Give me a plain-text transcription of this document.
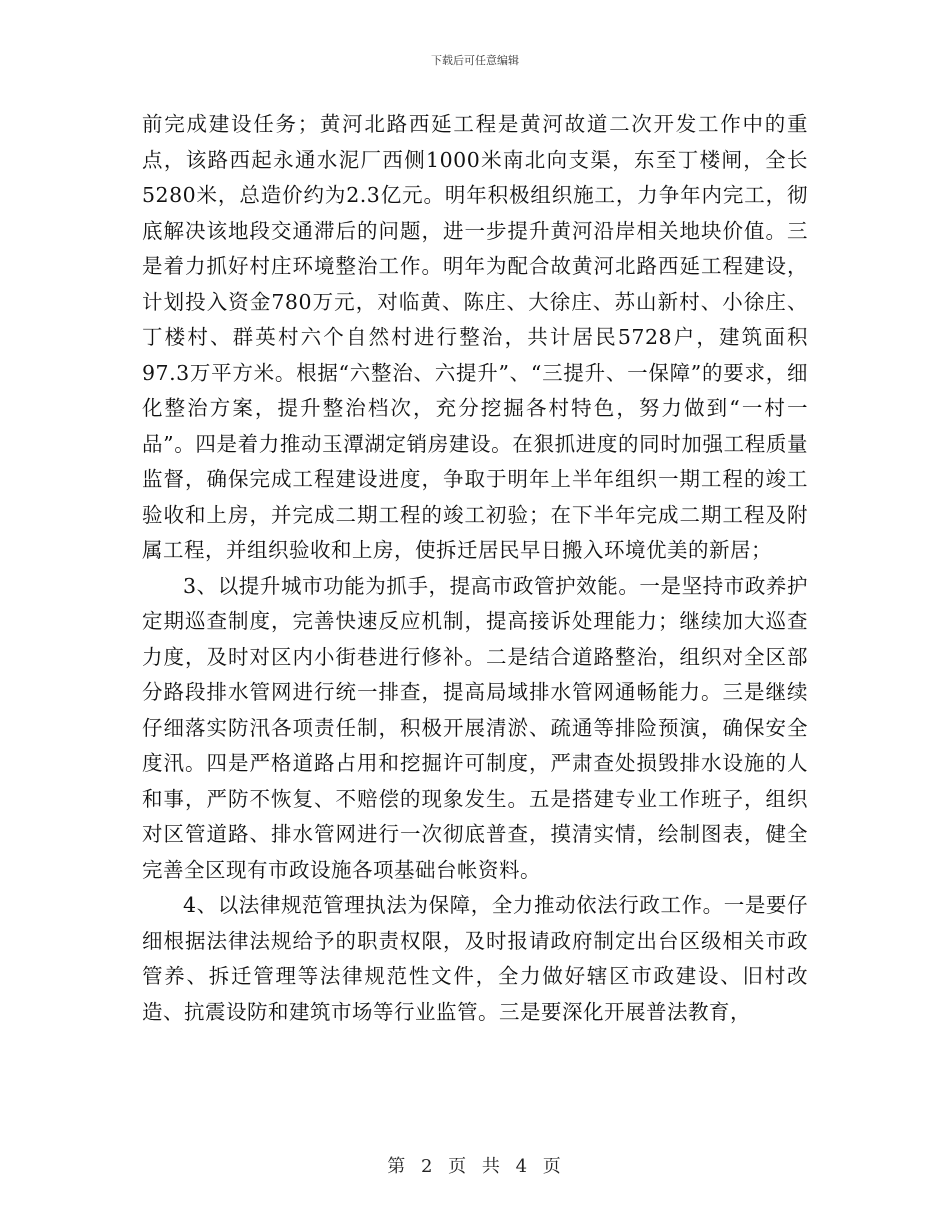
下载后可任意编辑

前完成建设任务；黄河北路西延工程是黄河故道二次开发工作中的重点，该路西起永通水泥厂西侧1000米南北向支渠，东至丁楼闸，全长5280米，总造价约为2.3亿元。明年积极组织施工，力争年内完工，彻底解决该地段交通滞后的问题，进一步提升黄河沿岸相关地块价值。三是着力抓好村庄环境整治工作。明年为配合故黄河北路西延工程建设，计划投入资金780万元，对临黄、陈庄、大徐庄、苏山新村、小徐庄、丁楼村、群英村六个自然村进行整治，共计居民5728户，建筑面积97.3万平方米。根据“六整治、六提升”、“三提升、一保障”的要求，细化整治方案，提升整治档次，充分挖掘各村特色，努力做到“一村一品”。四是着力推动玉潭湖定销房建设。在狠抓进度的同时加强工程质量监督，确保完成工程建设进度，争取于明年上半年组织一期工程的竣工验收和上房，并完成二期工程的竣工初验；在下半年完成二期工程及附属工程，并组织验收和上房，使拆迁居民早日搬入环境优美的新居；

3、以提升城市功能为抓手，提高市政管护效能。一是坚持市政养护定期巡查制度，完善快速反应机制，提高接诉处理能力；继续加大巡查力度，及时对区内小街巷进行修补。二是结合道路整治，组织对全区部分路段排水管网进行统一排查，提高局域排水管网通畅能力。三是继续仔细落实防汛各项责任制，积极开展清淤、疏通等排险预演，确保安全度汛。四是严格道路占用和挖掘许可制度，严肃查处损毁排水设施的人和事，严防不恢复、不赔偿的现象发生。五是搭建专业工作班子，组织对区管道路、排水管网进行一次彻底普查，摸清实情，绘制图表，健全完善全区现有市政设施各项基础台帐资料。

4、以法律规范管理执法为保障，全力推动依法行政工作。一是要仔细根据法律法规给予的职责权限，及时报请政府制定出台区级相关市政管养、拆迁管理等法律规范性文件，全力做好辖区市政建设、旧村改造、抗震设防和建筑市场等行业监管。三是要深化开展普法教育，

第 2 页 共 4 页
